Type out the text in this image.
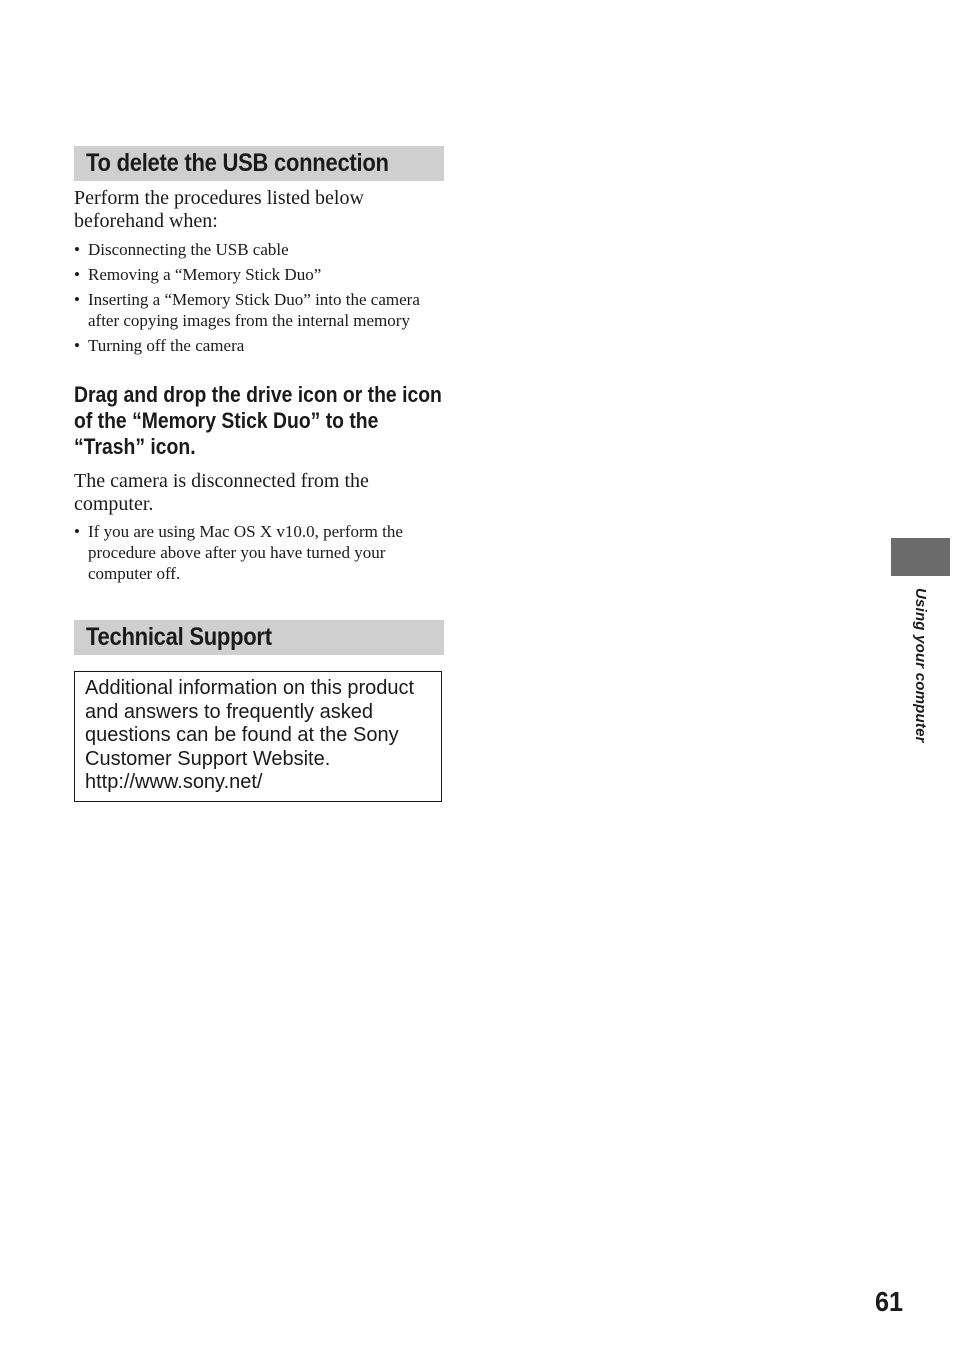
To delete the USB connection

Perform the procedures listed below beforehand when:

• Disconnecting the USB cable
• Removing a “Memory Stick Duo”
• Inserting a “Memory Stick Duo” into the camera after copying images from the internal memory
• Turning off the camera
Drag and drop the drive icon or the icon of the “Memory Stick Duo” to the “Trash” icon.

The camera is disconnected from the computer.

• If you are using Mac OS X v10.0, perform the procedure above after you have turned your computer off.
Technical Support
Additional information on this product and answers to frequently asked questions can be found at the Sony Customer Support Website.
http://www.sony.net/
Using your computer
61
